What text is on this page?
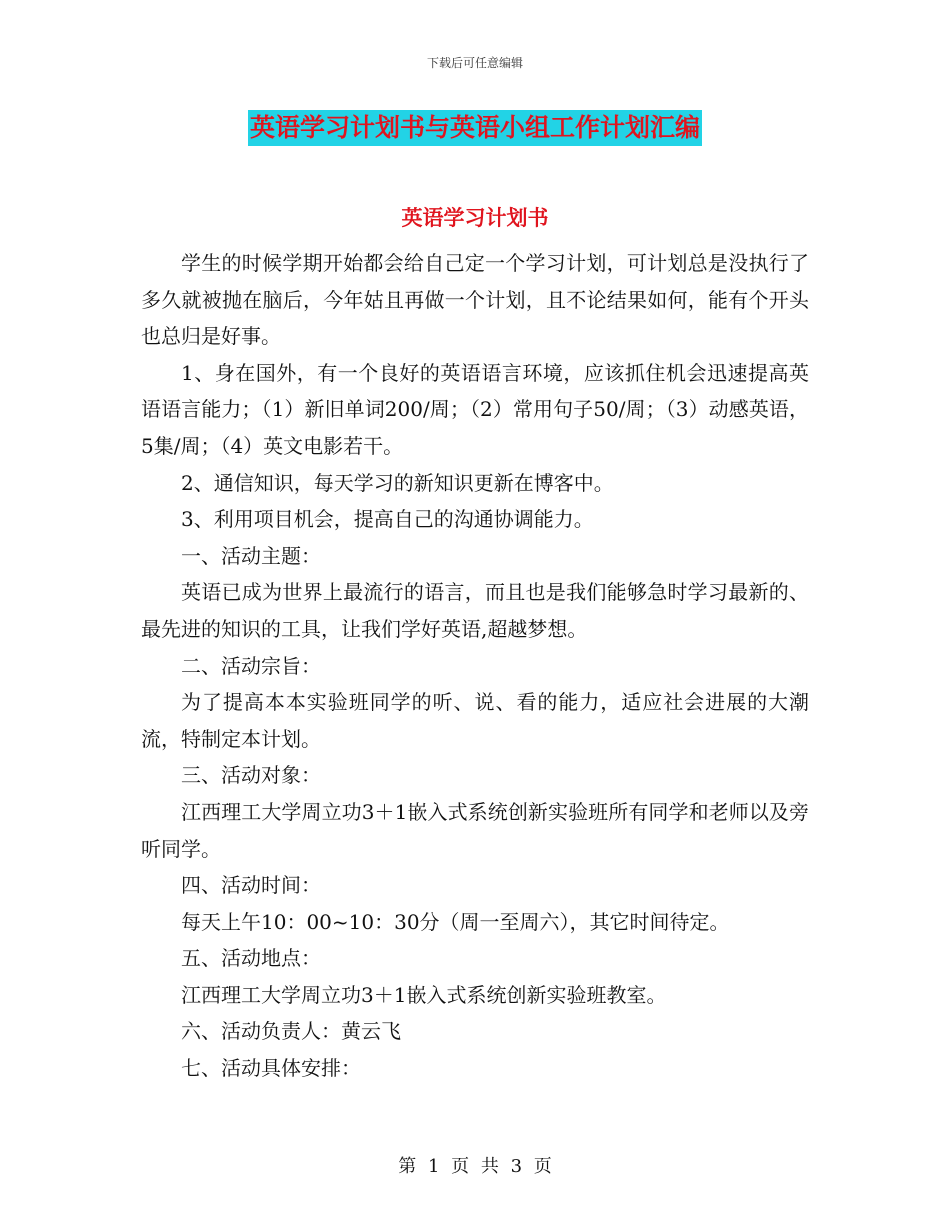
下载后可任意编辑
英语学习计划书与英语小组工作计划汇编
英语学习计划书

学生的时候学期开始都会给自己定一个学习计划，可计划总是没执行了多久就被抛在脑后，今年姑且再做一个计划，且不论结果如何，能有个开头也总归是好事。

1、身在国外，有一个良好的英语语言环境，应该抓住机会迅速提高英语语言能力；（1）新旧单词200/周；（2）常用句子50/周；（3）动感英语，5集/周；（4）英文电影若干。

2、通信知识，每天学习的新知识更新在博客中。

3、利用项目机会，提高自己的沟通协调能力。

一、活动主题：

英语已成为世界上最流行的语言，而且也是我们能够急时学习最新的、最先进的知识的工具，让我们学好英语,超越梦想。

二、活动宗旨：

为了提高本本实验班同学的听、说、看的能力，适应社会进展的大潮流，特制定本计划。

三、活动对象：

江西理工大学周立功3＋1嵌入式系统创新实验班所有同学和老师以及旁听同学。

四、活动时间：

每天上午10：00~10：30分（周一至周六），其它时间待定。

五、活动地点：

江西理工大学周立功3＋1嵌入式系统创新实验班教室。

六、活动负责人：黄云飞

七、活动具体安排：

第 1 页 共 3 页
